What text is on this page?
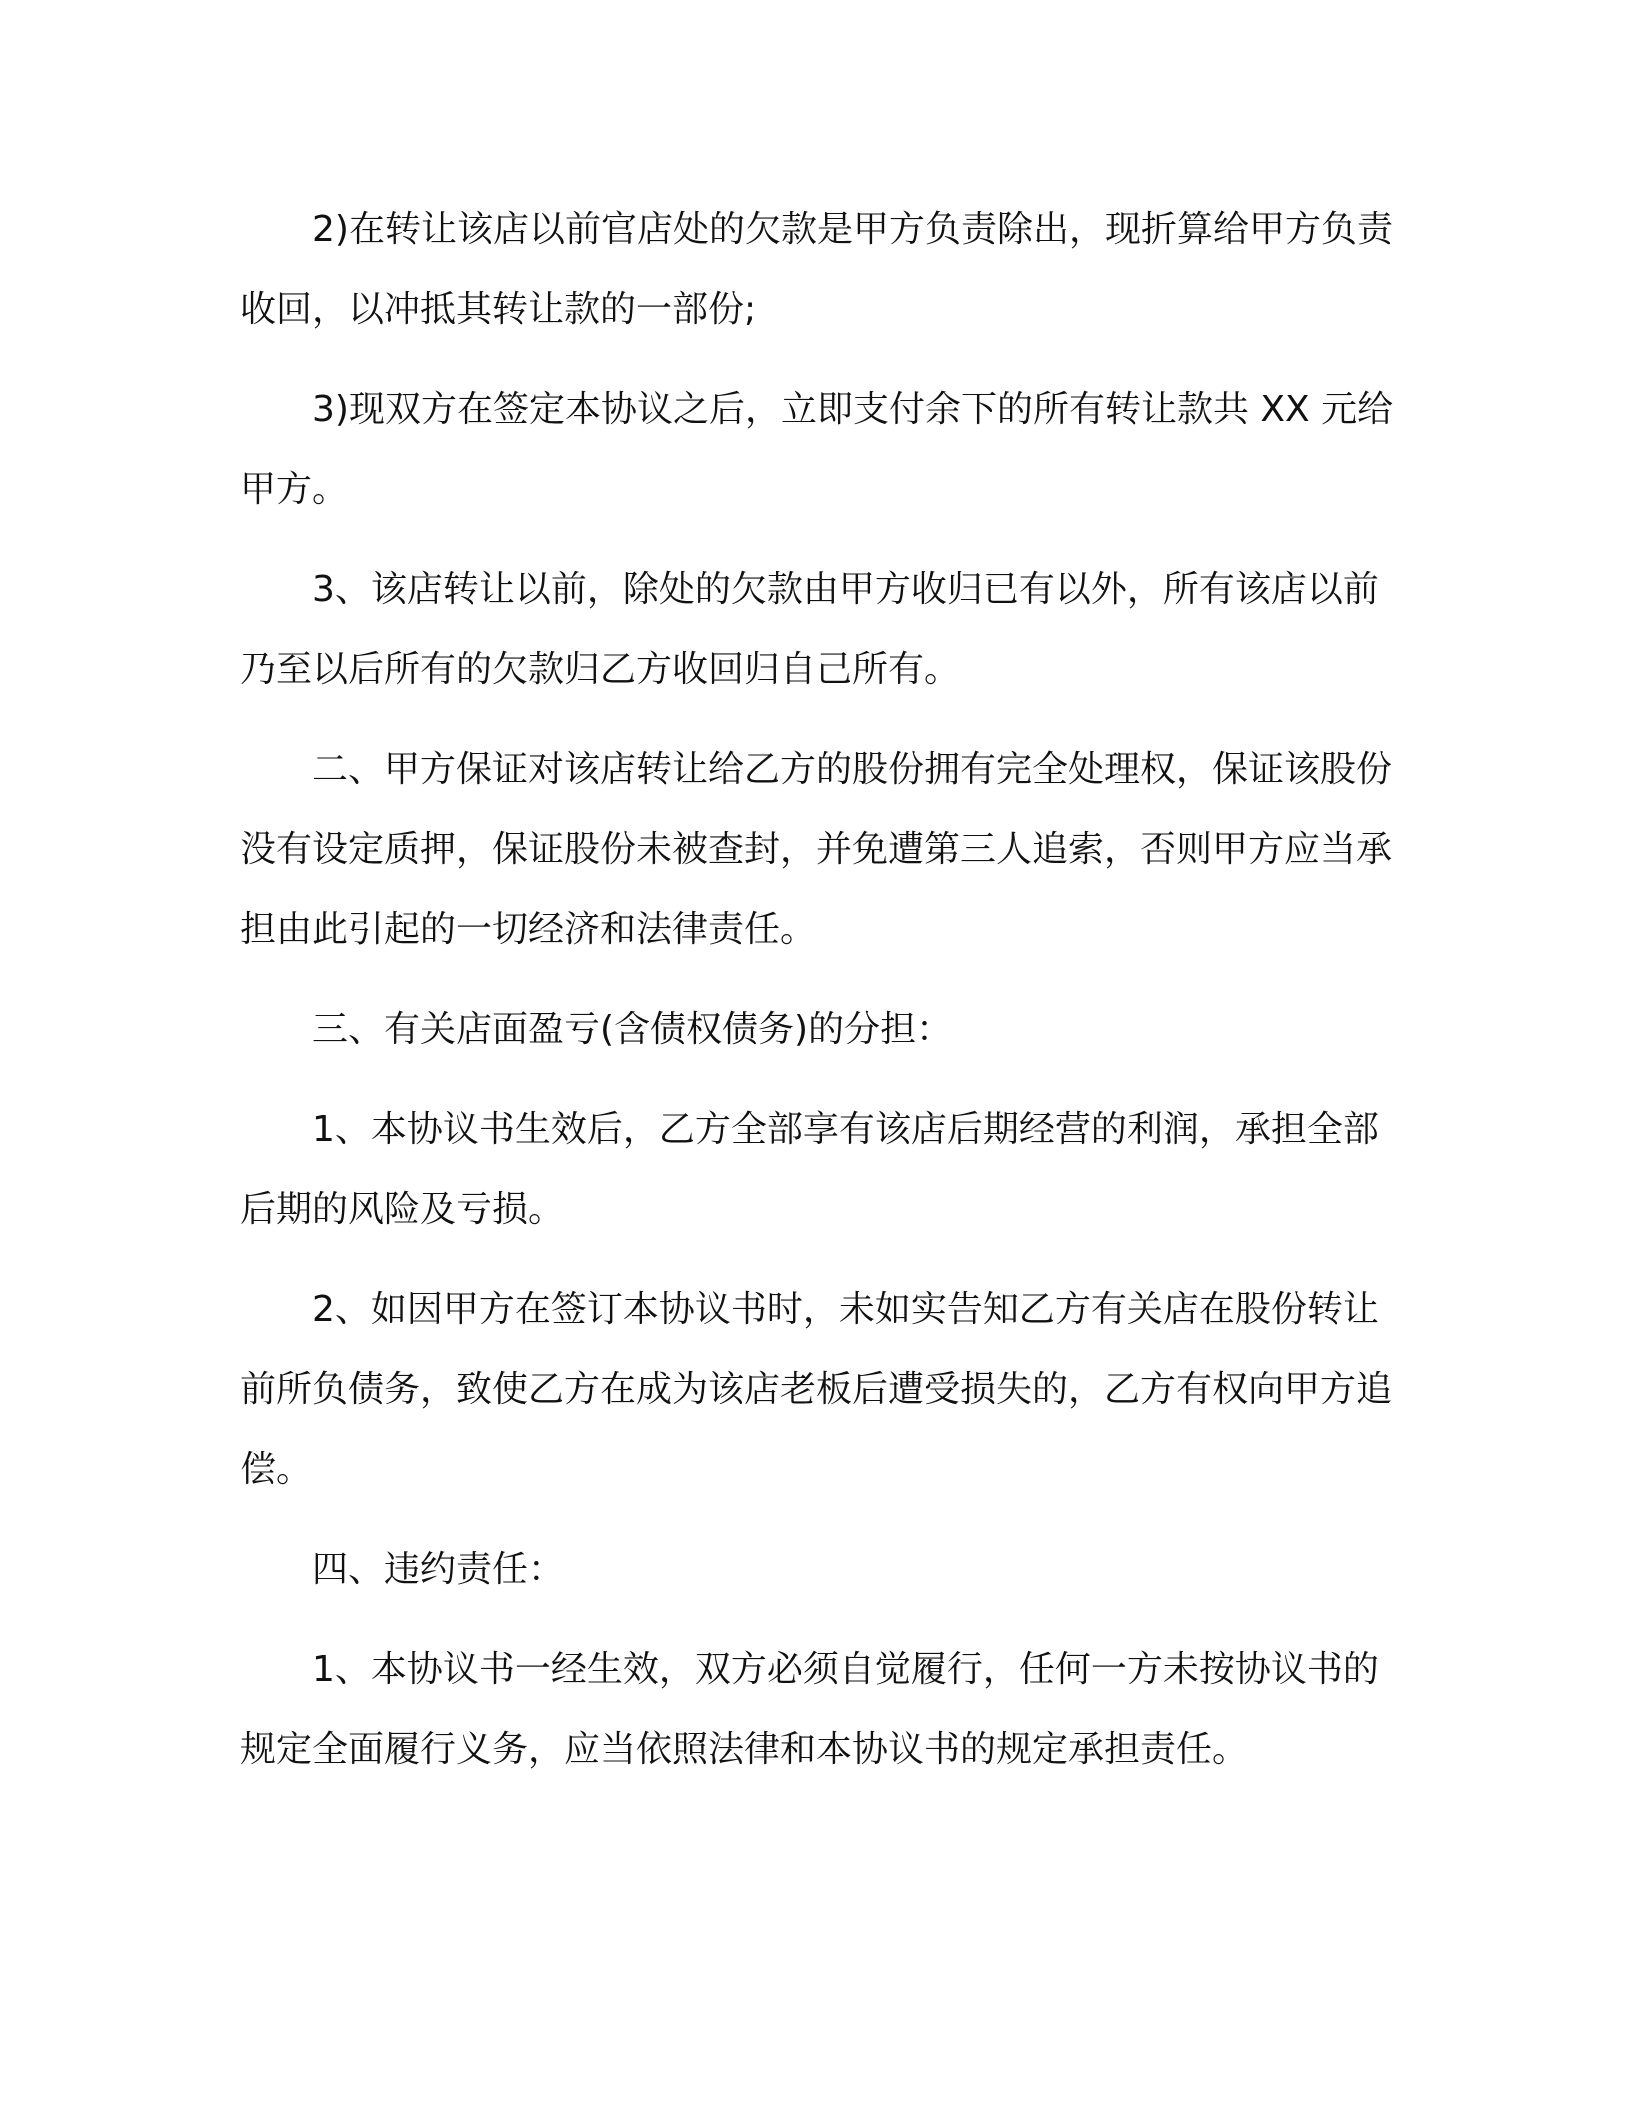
2)在转让该店以前官店处的欠款是甲方负责除出，现折算给甲方负责收回，以冲抵其转让款的一部份;

3)现双方在签定本协议之后，立即支付余下的所有转让款共 XX 元给甲方。

3、该店转让以前，除处的欠款由甲方收归已有以外，所有该店以前乃至以后所有的欠款归乙方收回归自己所有。

二、甲方保证对该店转让给乙方的股份拥有完全处理权，保证该股份没有设定质押，保证股份未被查封，并免遭第三人追索，否则甲方应当承担由此引起的一切经济和法律责任。

三、有关店面盈亏(含债权债务)的分担：

1、本协议书生效后，乙方全部享有该店后期经营的利润，承担全部后期的风险及亏损。

2、如因甲方在签订本协议书时，未如实告知乙方有关店在股份转让前所负债务，致使乙方在成为该店老板后遭受损失的，乙方有权向甲方追偿。

四、违约责任：

1、本协议书一经生效，双方必须自觉履行，任何一方未按协议书的规定全面履行义务，应当依照法律和本协议书的规定承担责任。
